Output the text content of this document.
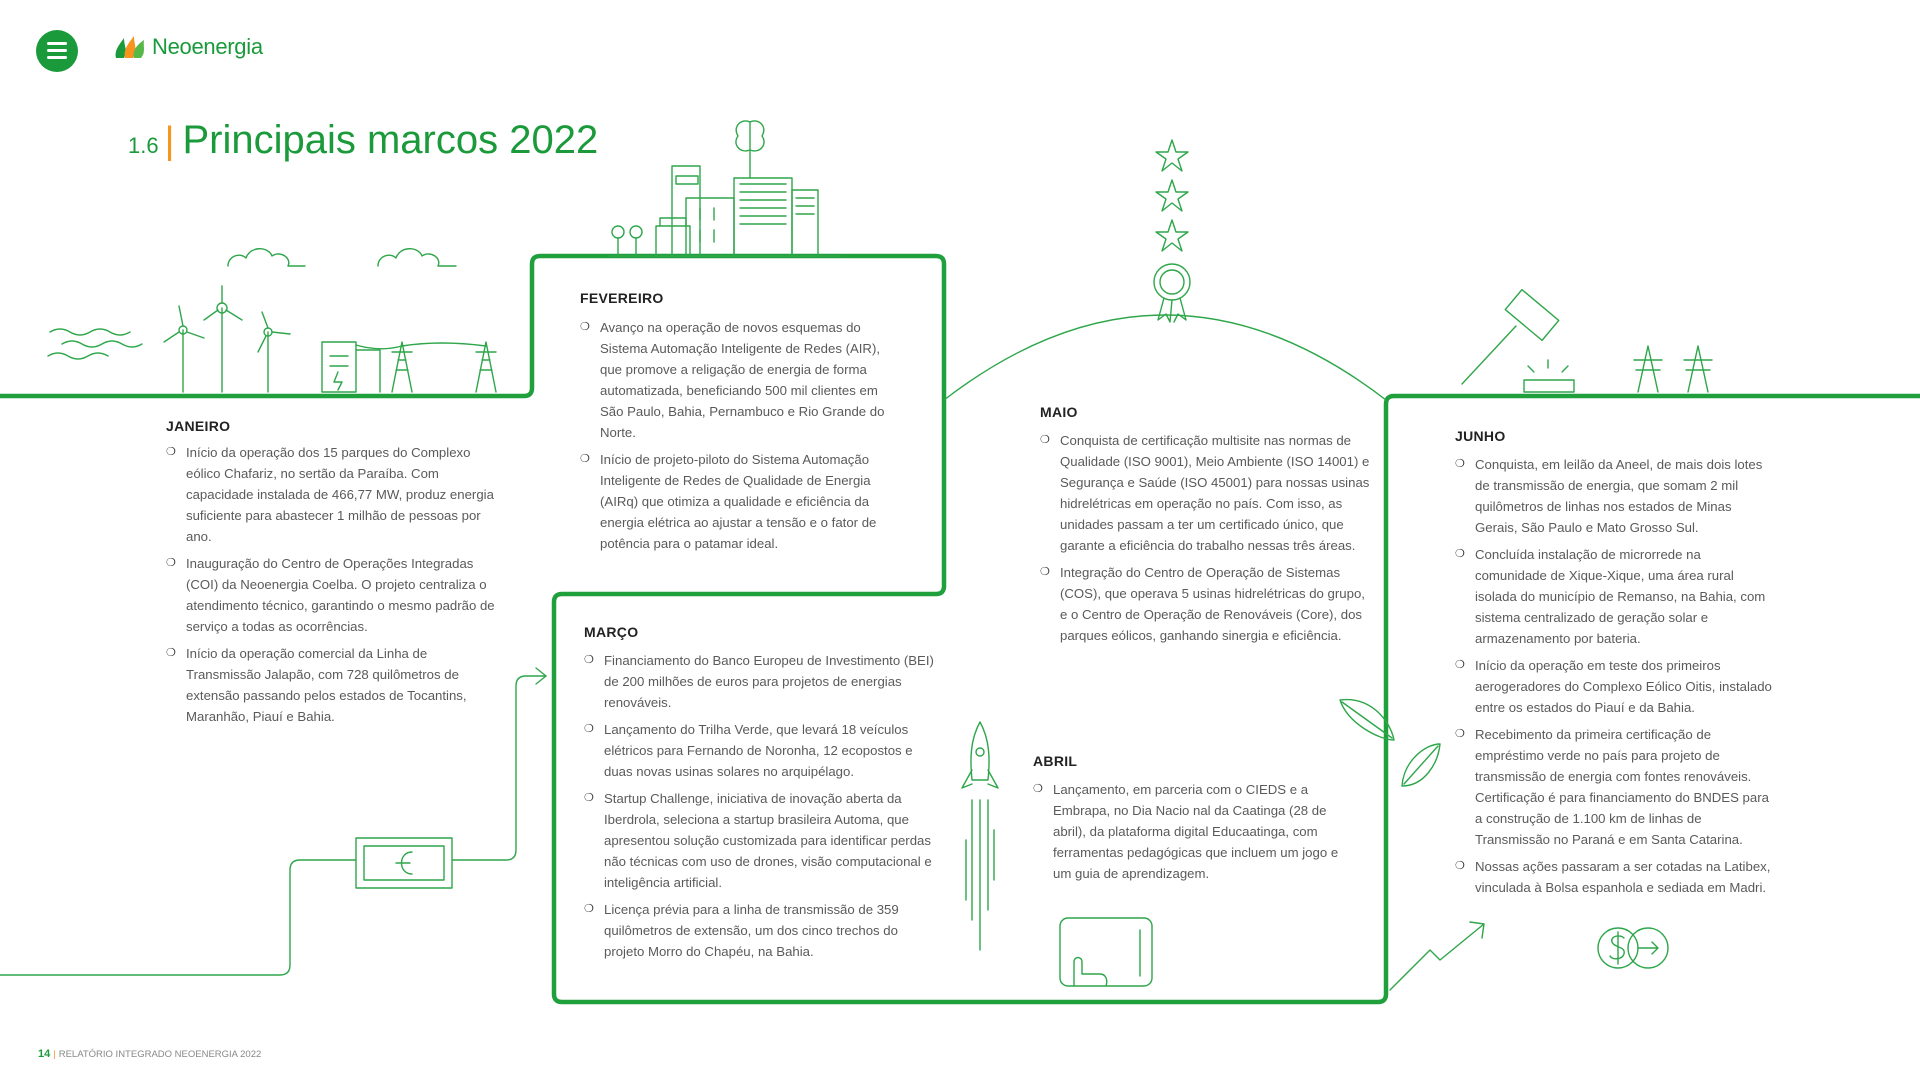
Neoenergia
1.6 | Principais marcos 2022
JANEIRO
❍ Início da operação dos 15 parques do Complexo eólico Chafariz, no sertão da Paraíba. Com capacidade instalada de 466,77 MW, produz energia suficiente para abastecer 1 milhão de pessoas por ano.
❍ Inauguração do Centro de Operações Integradas (COI) da Neoenergia Coelba. O projeto centraliza o atendimento técnico, garantindo o mesmo padrão de serviço a todas as ocorrências.
❍ Início da operação comercial da Linha de Transmissão Jalapão, com 728 quilômetros de extensão passando pelos estados de Tocantins, Maranhão, Piauí e Bahia.
FEVEREIRO
❍ Avanço na operação de novos esquemas do Sistema Automação Inteligente de Redes (AIR), que promove a religação de energia de forma automatizada, beneficiando 500 mil clientes em São Paulo, Bahia, Pernambuco e Rio Grande do Norte.
❍ Início de projeto-piloto do Sistema Automação Inteligente de Redes de Qualidade de Energia (AIRq) que otimiza a qualidade e eficiência da energia elétrica ao ajustar a tensão e o fator de potência para o patamar ideal.
MARÇO
❍ Financiamento do Banco Europeu de Investimento (BEI) de 200 milhões de euros para projetos de energias renováveis.
❍ Lançamento do Trilha Verde, que levará 18 veículos elétricos para Fernando de Noronha, 12 ecopostos e duas novas usinas solares no arquipélago.
❍ Startup Challenge, iniciativa de inovação aberta da Iberdrola, seleciona a startup brasileira Automa, que apresentou solução customizada para identificar perdas não técnicas com uso de drones, visão computacional e inteligência artificial.
❍ Licença prévia para a linha de transmissão de 359 quilômetros de extensão, um dos cinco trechos do projeto Morro do Chapéu, na Bahia.
MAIO
❍ Conquista de certificação multisite nas normas de Qualidade (ISO 9001), Meio Ambiente (ISO 14001) e Segurança e Saúde (ISO 45001) para nossas usinas hidrelétricas em operação no país. Com isso, as unidades passam a ter um certificado único, que garante a eficiência do trabalho nessas três áreas.
❍ Integração do Centro de Operação de Sistemas (COS), que operava 5 usinas hidrelétricas do grupo, e o Centro de Operação de Renováveis (Core), dos parques eólicos, ganhando sinergia e eficiência.
ABRIL
❍ Lançamento, em parceria com o CIEDS e a Embrapa, no Dia Nacio nal da Caatinga (28 de abril), da plataforma digital Educaatinga, com ferramentas pedagógicas que incluem um jogo e um guia de aprendizagem.
JUNHO
❍ Conquista, em leilão da Aneel, de mais dois lotes de transmissão de energia, que somam 2 mil quilômetros de linhas nos estados de Minas Gerais, São Paulo e Mato Grosso Sul.
❍ Concluída instalação de microrrede na comunidade de Xique-Xique, uma área rural isolada do município de Remanso, na Bahia, com sistema centralizado de geração solar e armazenamento por bateria.
❍ Início da operação em teste dos primeiros aerogeradores do Complexo Eólico Oitis, instalado entre os estados do Piauí e da Bahia.
❍ Recebimento da primeira certificação de empréstimo verde no país para projeto de transmissão de energia com fontes renováveis. Certificação é para financiamento do BNDES para a construção de 1.100 km de linhas de Transmissão no Paraná e em Santa Catarina.
❍ Nossas ações passaram a ser cotadas na Latibex, vinculada à Bolsa espanhola e sediada em Madri.
14 | RELATÓRIO INTEGRADO NEOENERGIA 2022
